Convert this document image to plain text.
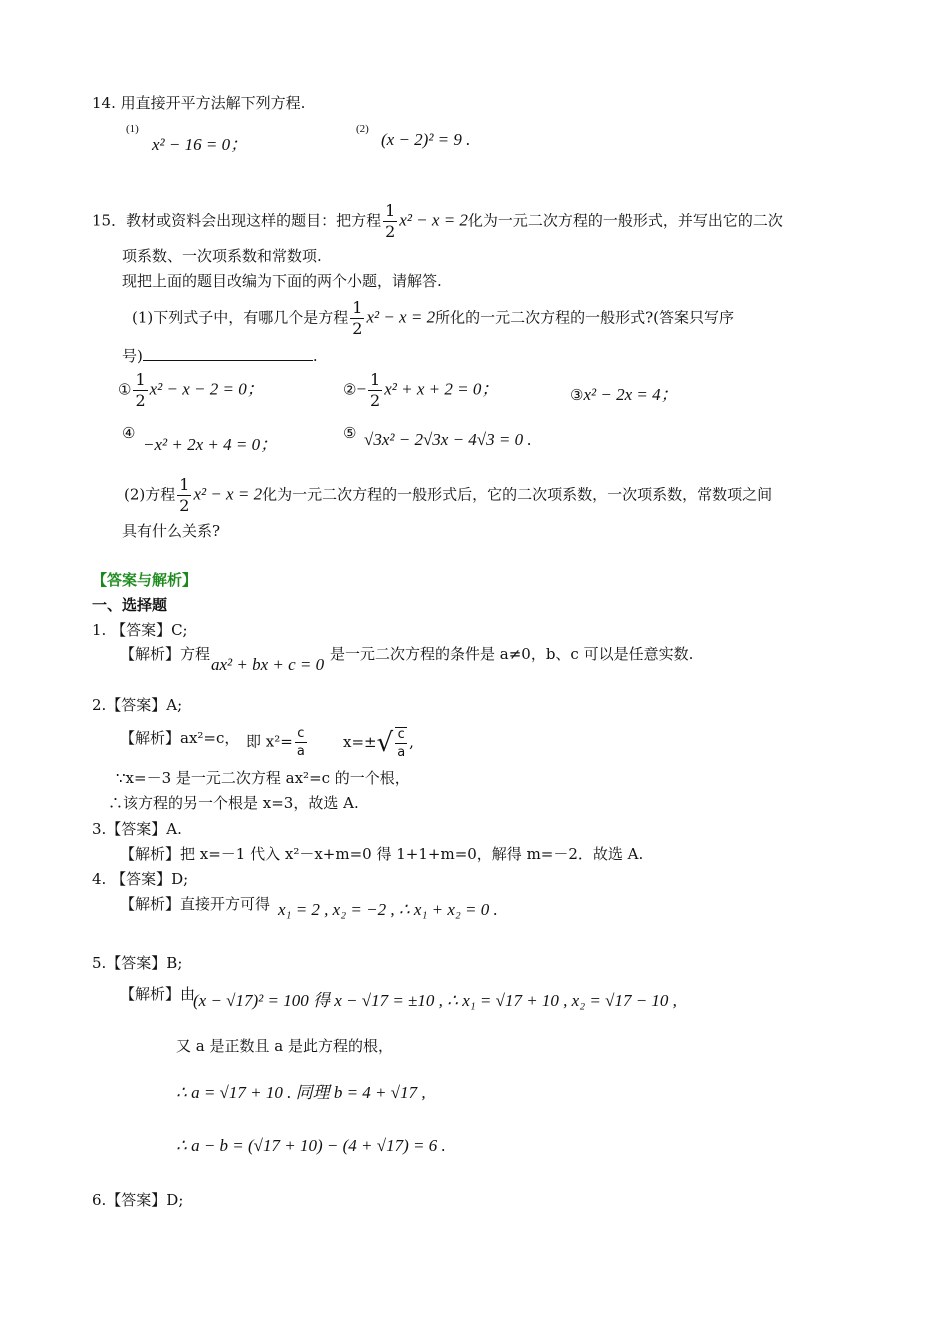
14. 用直接开平方法解下列方程.
(1)
x² − 16 = 0；
(2)
(x − 2)² = 9 .
15．教材或资料会出现这样的题目：把方程 $\frac{1}{2} x^2 - x = 2$化为一元二次方程的一般形式，并写出它的二次
项系数、一次项系数和常数项.
现把上面的题目改编为下面的两个小题，请解答.
(1)下列式子中，有哪几个是方程 $\frac{1}{2} x^2 - x = 2$所化的一元二次方程的一般形式?(答案只写序
号)	.
① $\frac{1}{2} x^2 - x - 2 = 0$；	②− $\frac{1}{2} x^2 + x + 2 = 0$；	③x² − 2x = 4；
④
−x² + 2x + 4 = 0；
⑤ √3x² − 2√3x − 4√3 = 0 .
(2)方程 $\frac{1}{2} x^2 - x = 2$化为一元二次方程的一般形式后，它的二次项系数，一次项系数，常数项之间
具有什么关系?
【答案与解析】
一、选择题
1. 【答案】C;
【解析】方程
ax² + bx + c = 0
是一元二次方程的条件是 a≠0，b、c 可以是任意实数.
2.【答案】A;
【解析】ax²=c， 即 $x^2= \frac{c}{a} x=\pm√ \frac{c}{a}$ ,
∵x=－3 是一元二次方程 ax²=c 的一个根，
∴该方程的另一个根是 x=3，故选 A.
3.【答案】A.
【解析】把 x=－1 代入 x²－x+m=0 得 1+1+m=0，解得 m=－2．故选 A.
4. 【答案】D;
【解析】直接开方可得 x₁ = 2 , x₂ = −2 , ∴ x₁ + x₂ = 0 .
5.【答案】B;
【解析】由
(x − √17)² = 100 得 x − √17 = ±10 , ∴ x₁ = √17 + 10 , x₂ = √17 − 10 ,
又 a 是正数且 a 是此方程的根，
∴ a = √17 + 10 . 同理 b = 4 + √17 ,
∴ a − b = (√17 + 10) − (4 + √17) = 6 .
6.【答案】D;
